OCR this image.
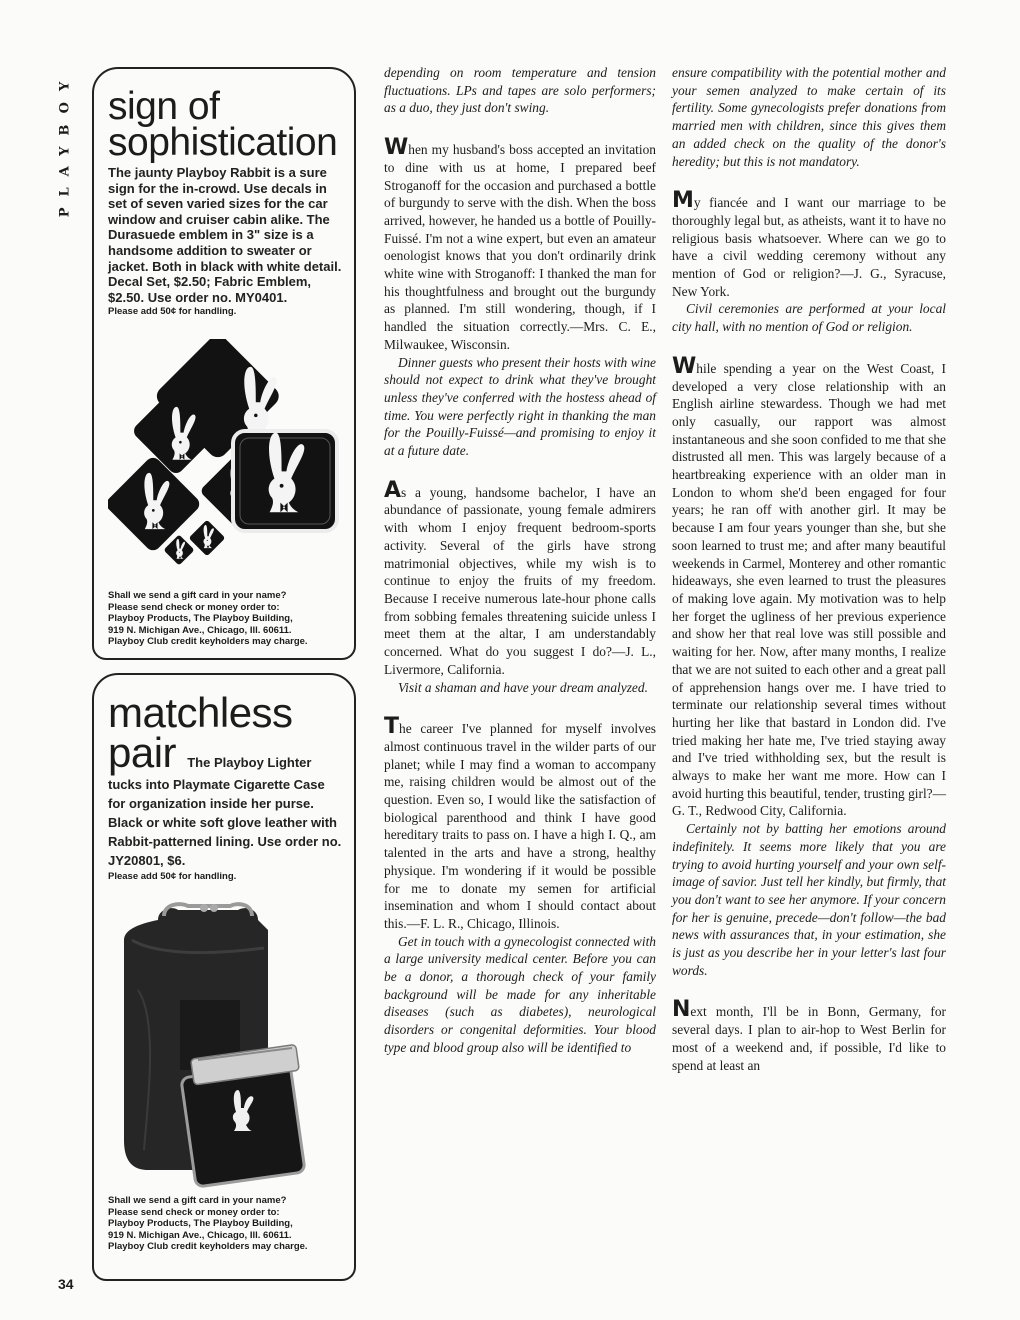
PLAYBOY
34
sign of
sophistication

The jaunty Playboy Rabbit is a sure sign for the in-crowd. Use decals in set of seven varied sizes for the car window and cruiser cabin alike. The Durasuede emblem in 3" size is a handsome addition to sweater or jacket. Both in black with white detail. Decal Set, $2.50; Fabric Emblem, $2.50. Use order no. MY0401.

Please add 50¢ for handling.

Shall we send a gift card in your name?
Please send check or money order to:
Playboy Products, The Playboy Building,
919 N. Michigan Ave., Chicago, Ill. 60611.
Playboy Club credit keyholders may charge.
matchless
pair The Playboy Lighter

tucks into Playmate Cigarette Case for organization inside her purse. Black or white soft glove leather with Rabbit-patterned lining. Use order no. JY20801, $6.

Please add 50¢ for handling.

Shall we send a gift card in your name?
Please send check or money order to:
Playboy Products, The Playboy Building,
919 N. Michigan Ave., Chicago, Ill. 60611.
Playboy Club credit keyholders may charge.

depending on room temperature and tension fluctuations. LPs and tapes are solo performers; as a duo, they just don't swing.

When my husband's boss accepted an invitation to dine with us at home, I prepared beef Stroganoff for the occasion and purchased a bottle of burgundy to serve with the dish. When the boss arrived, however, he handed us a bottle of Pouilly-Fuissé. I'm not a wine expert, but even an amateur oenologist knows that you don't ordinarily drink white wine with Stroganoff: I thanked the man for his thoughtfulness and brought out the burgundy as planned. I'm still wondering, though, if I handled the situation correctly.—Mrs. C. E., Milwaukee, Wisconsin.

Dinner guests who present their hosts with wine should not expect to drink what they've brought unless they've conferred with the hostess ahead of time. You were perfectly right in thanking the man for the Pouilly-Fuissé—and promising to enjoy it at a future date.

As a young, handsome bachelor, I have an abundance of passionate, young female admirers with whom I enjoy frequent bedroom-sports activity. Several of the girls have strong matrimonial objectives, while my wish is to continue to enjoy the fruits of my freedom. Because I receive numerous late-hour phone calls from sobbing females threatening suicide unless I meet them at the altar, I am understandably concerned. What do you suggest I do?—J. L., Livermore, California.

Visit a shaman and have your dream analyzed.

The career I've planned for myself involves almost continuous travel in the wilder parts of our planet; while I may find a woman to accompany me, raising children would be almost out of the question. Even so, I would like the satisfaction of biological parenthood and think I have good hereditary traits to pass on. I have a high I. Q., am talented in the arts and have a strong, healthy physique. I'm wondering if it would be possible for me to donate my semen for artificial insemination and whom I should contact about this.—F. L. R., Chicago, Illinois.

Get in touch with a gynecologist connected with a large university medical center. Before you can be a donor, a thorough check of your family background will be made for any inheritable diseases (such as diabetes), neurological disorders or congenital deformities. Your blood type and blood group also will be identified to

ensure compatibility with the potential mother and your semen analyzed to make certain of its fertility. Some gynecologists prefer donations from married men with children, since this gives them an added check on the quality of the donor's heredity; but this is not mandatory.

My fiancée and I want our marriage to be thoroughly legal but, as atheists, want it to have no religious basis whatsoever. Where can we go to have a civil wedding ceremony without any mention of God or religion?—J. G., Syracuse, New York.

Civil ceremonies are performed at your local city hall, with no mention of God or religion.

While spending a year on the West Coast, I developed a very close relationship with an English airline stewardess. Though we had met only casually, our rapport was almost instantaneous and she soon confided to me that she distrusted all men. This was largely because of a heartbreaking experience with an older man in London to whom she'd been engaged for four years; he ran off with another girl. It may be because I am four years younger than she, but she soon learned to trust me; and after many beautiful weekends in Carmel, Monterey and other romantic hideaways, she even learned to trust the pleasures of making love again. My motivation was to help her forget the ugliness of her previous experience and show her that real love was still possible and waiting for her. Now, after many months, I realize that we are not suited to each other and a great pall of apprehension hangs over me. I have tried to terminate our relationship several times without hurting her like that bastard in London did. I've tried making her hate me, I've tried staying away and I've tried withholding sex, but the result is always to make her want me more. How can I avoid hurting this beautiful, tender, trusting girl?—G. T., Redwood City, California.

Certainly not by batting her emotions around indefinitely. It seems more likely that you are trying to avoid hurting yourself and your own self-image of savior. Just tell her kindly, but firmly, that you don't want to see her anymore. If your concern for her is genuine, precede—don't follow—the bad news with assurances that, in your estimation, she is just as you describe her in your letter's last four words.

Next month, I'll be in Bonn, Germany, for several days. I plan to air-hop to West Berlin for most of a weekend and, if possible, I'd like to spend at least an
